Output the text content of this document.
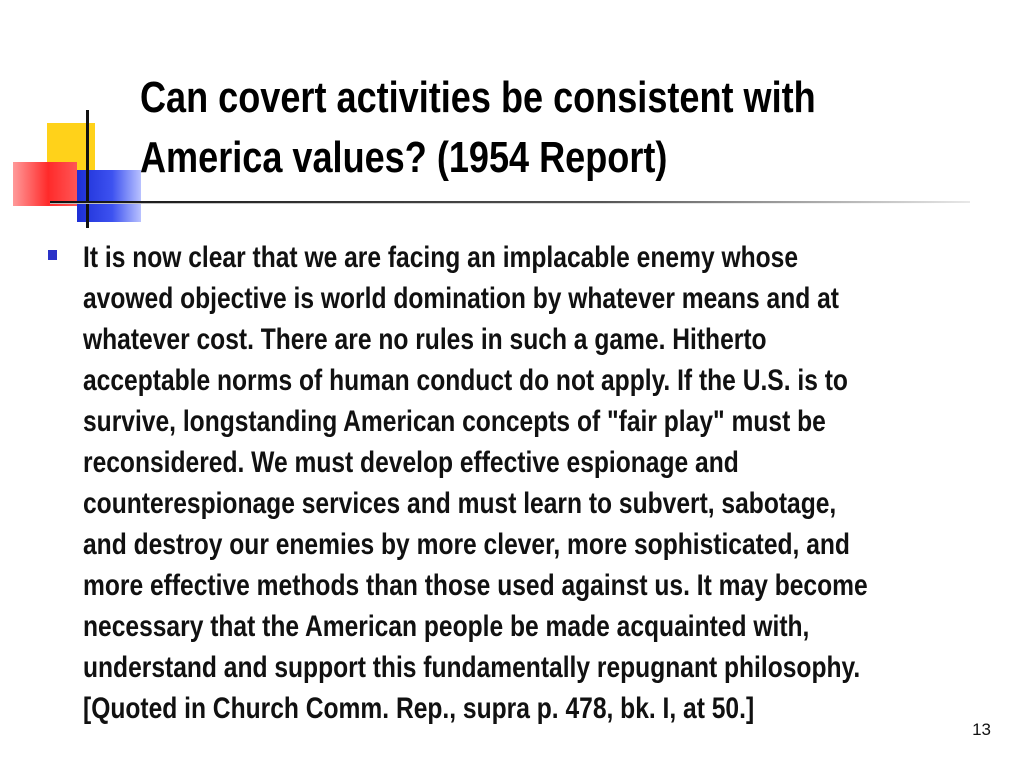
Can covert activities be consistent with
America values? (1954 Report)
It is now clear that we are facing an implacable enemy whose
avowed objective is world domination by whatever means and at
whatever cost. There are no rules in such a game. Hitherto
acceptable norms of human conduct do not apply. If the U.S. is to
survive, longstanding American concepts of "fair play" must be
reconsidered. We must develop effective espionage and
counterespionage services and must learn to subvert, sabotage,
and destroy our enemies by more clever, more sophisticated, and
more effective methods than those used against us. It may become
necessary that the American people be made acquainted with,
understand and support this fundamentally repugnant philosophy.
[Quoted in Church Comm. Rep., supra p. 478, bk. I, at 50.]
13
